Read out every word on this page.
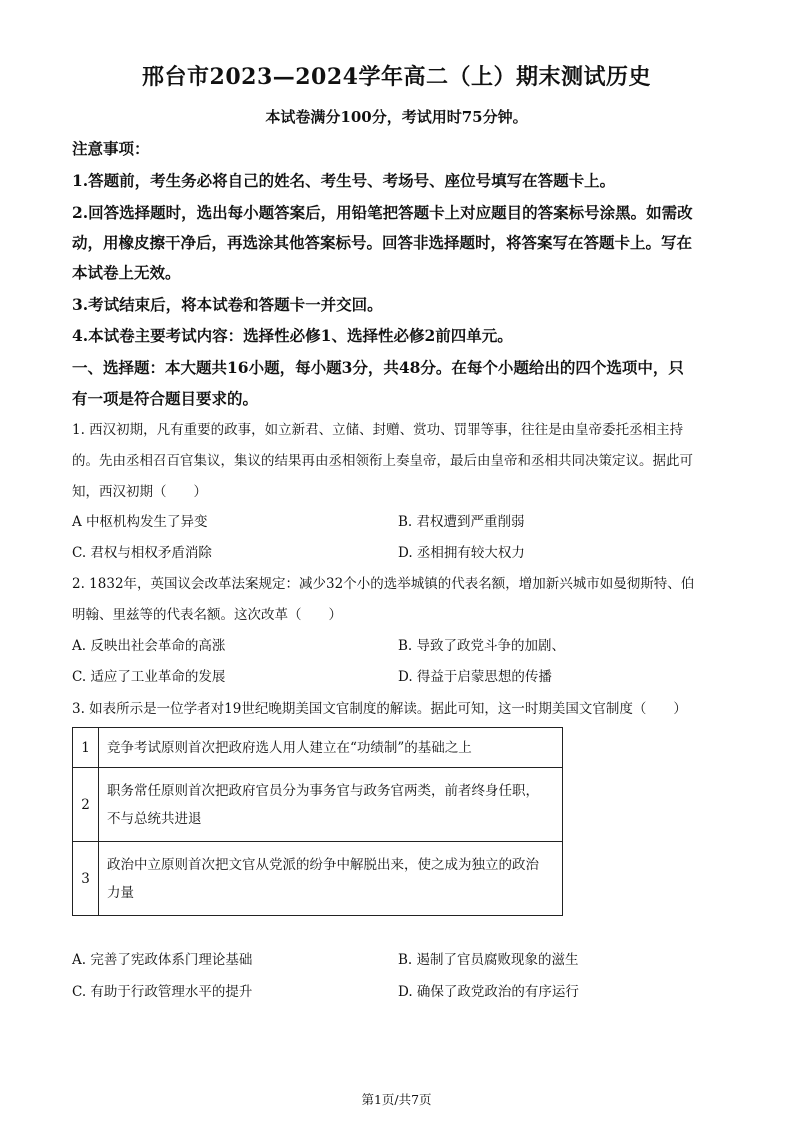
邢台市2023—2024学年高二（上）期末测试历史
本试卷满分100分，考试用时75分钟。
注意事项：
1.答题前，考生务必将自己的姓名、考生号、考场号、座位号填写在答题卡上。
2.回答选择题时，选出每小题答案后，用铅笔把答题卡上对应题目的答案标号涂黑。如需改
动，用橡皮擦干净后，再选涂其他答案标号。回答非选择题时，将答案写在答题卡上。写在
本试卷上无效。
3.考试结束后，将本试卷和答题卡一并交回。
4.本试卷主要考试内容：选择性必修1、选择性必修2前四单元。
一、选择题：本大题共16小题，每小题3分，共48分。在每个小题给出的四个选项中，只
有一项是符合题目要求的。
1. 西汉初期，凡有重要的政事，如立新君、立储、封赠、赏功、罚罪等事，往往是由皇帝委托丞相主持
的。先由丞相召百官集议，集议的结果再由丞相领衔上奏皇帝，最后由皇帝和丞相共同决策定议。据此可
知，西汉初期（　　）
A 中枢机构发生了异变	B. 君权遭到严重削弱
C. 君权与相权矛盾消除	D. 丞相拥有较大权力
2. 1832年，英国议会改革法案规定：减少32个小的选举城镇的代表名额，增加新兴城市如曼彻斯特、伯
明翰、里兹等的代表名额。这次改革（　　）
A. 反映出社会革命的高涨	B. 导致了政党斗争的加剧、
C. 适应了工业革命的发展	D. 得益于启蒙思想的传播
3. 如表所示是一位学者对19世纪晚期美国文官制度的解读。据此可知，这一时期美国文官制度（　　）
1	竞争考试原则首次把政府选人用人建立在“功绩制”的基础之上

2	职务常任原则首次把政府官员分为事务官与政务官两类，前者终身任职，
不与总统共进退

3	政治中立原则首次把文官从党派的纷争中解脱出来，使之成为独立的政治
力量
A. 完善了宪政体系门理论基础	B. 遏制了官员腐败现象的滋生
C. 有助于行政管理水平的提升	D. 确保了政党政治的有序运行
第1页/共7页
